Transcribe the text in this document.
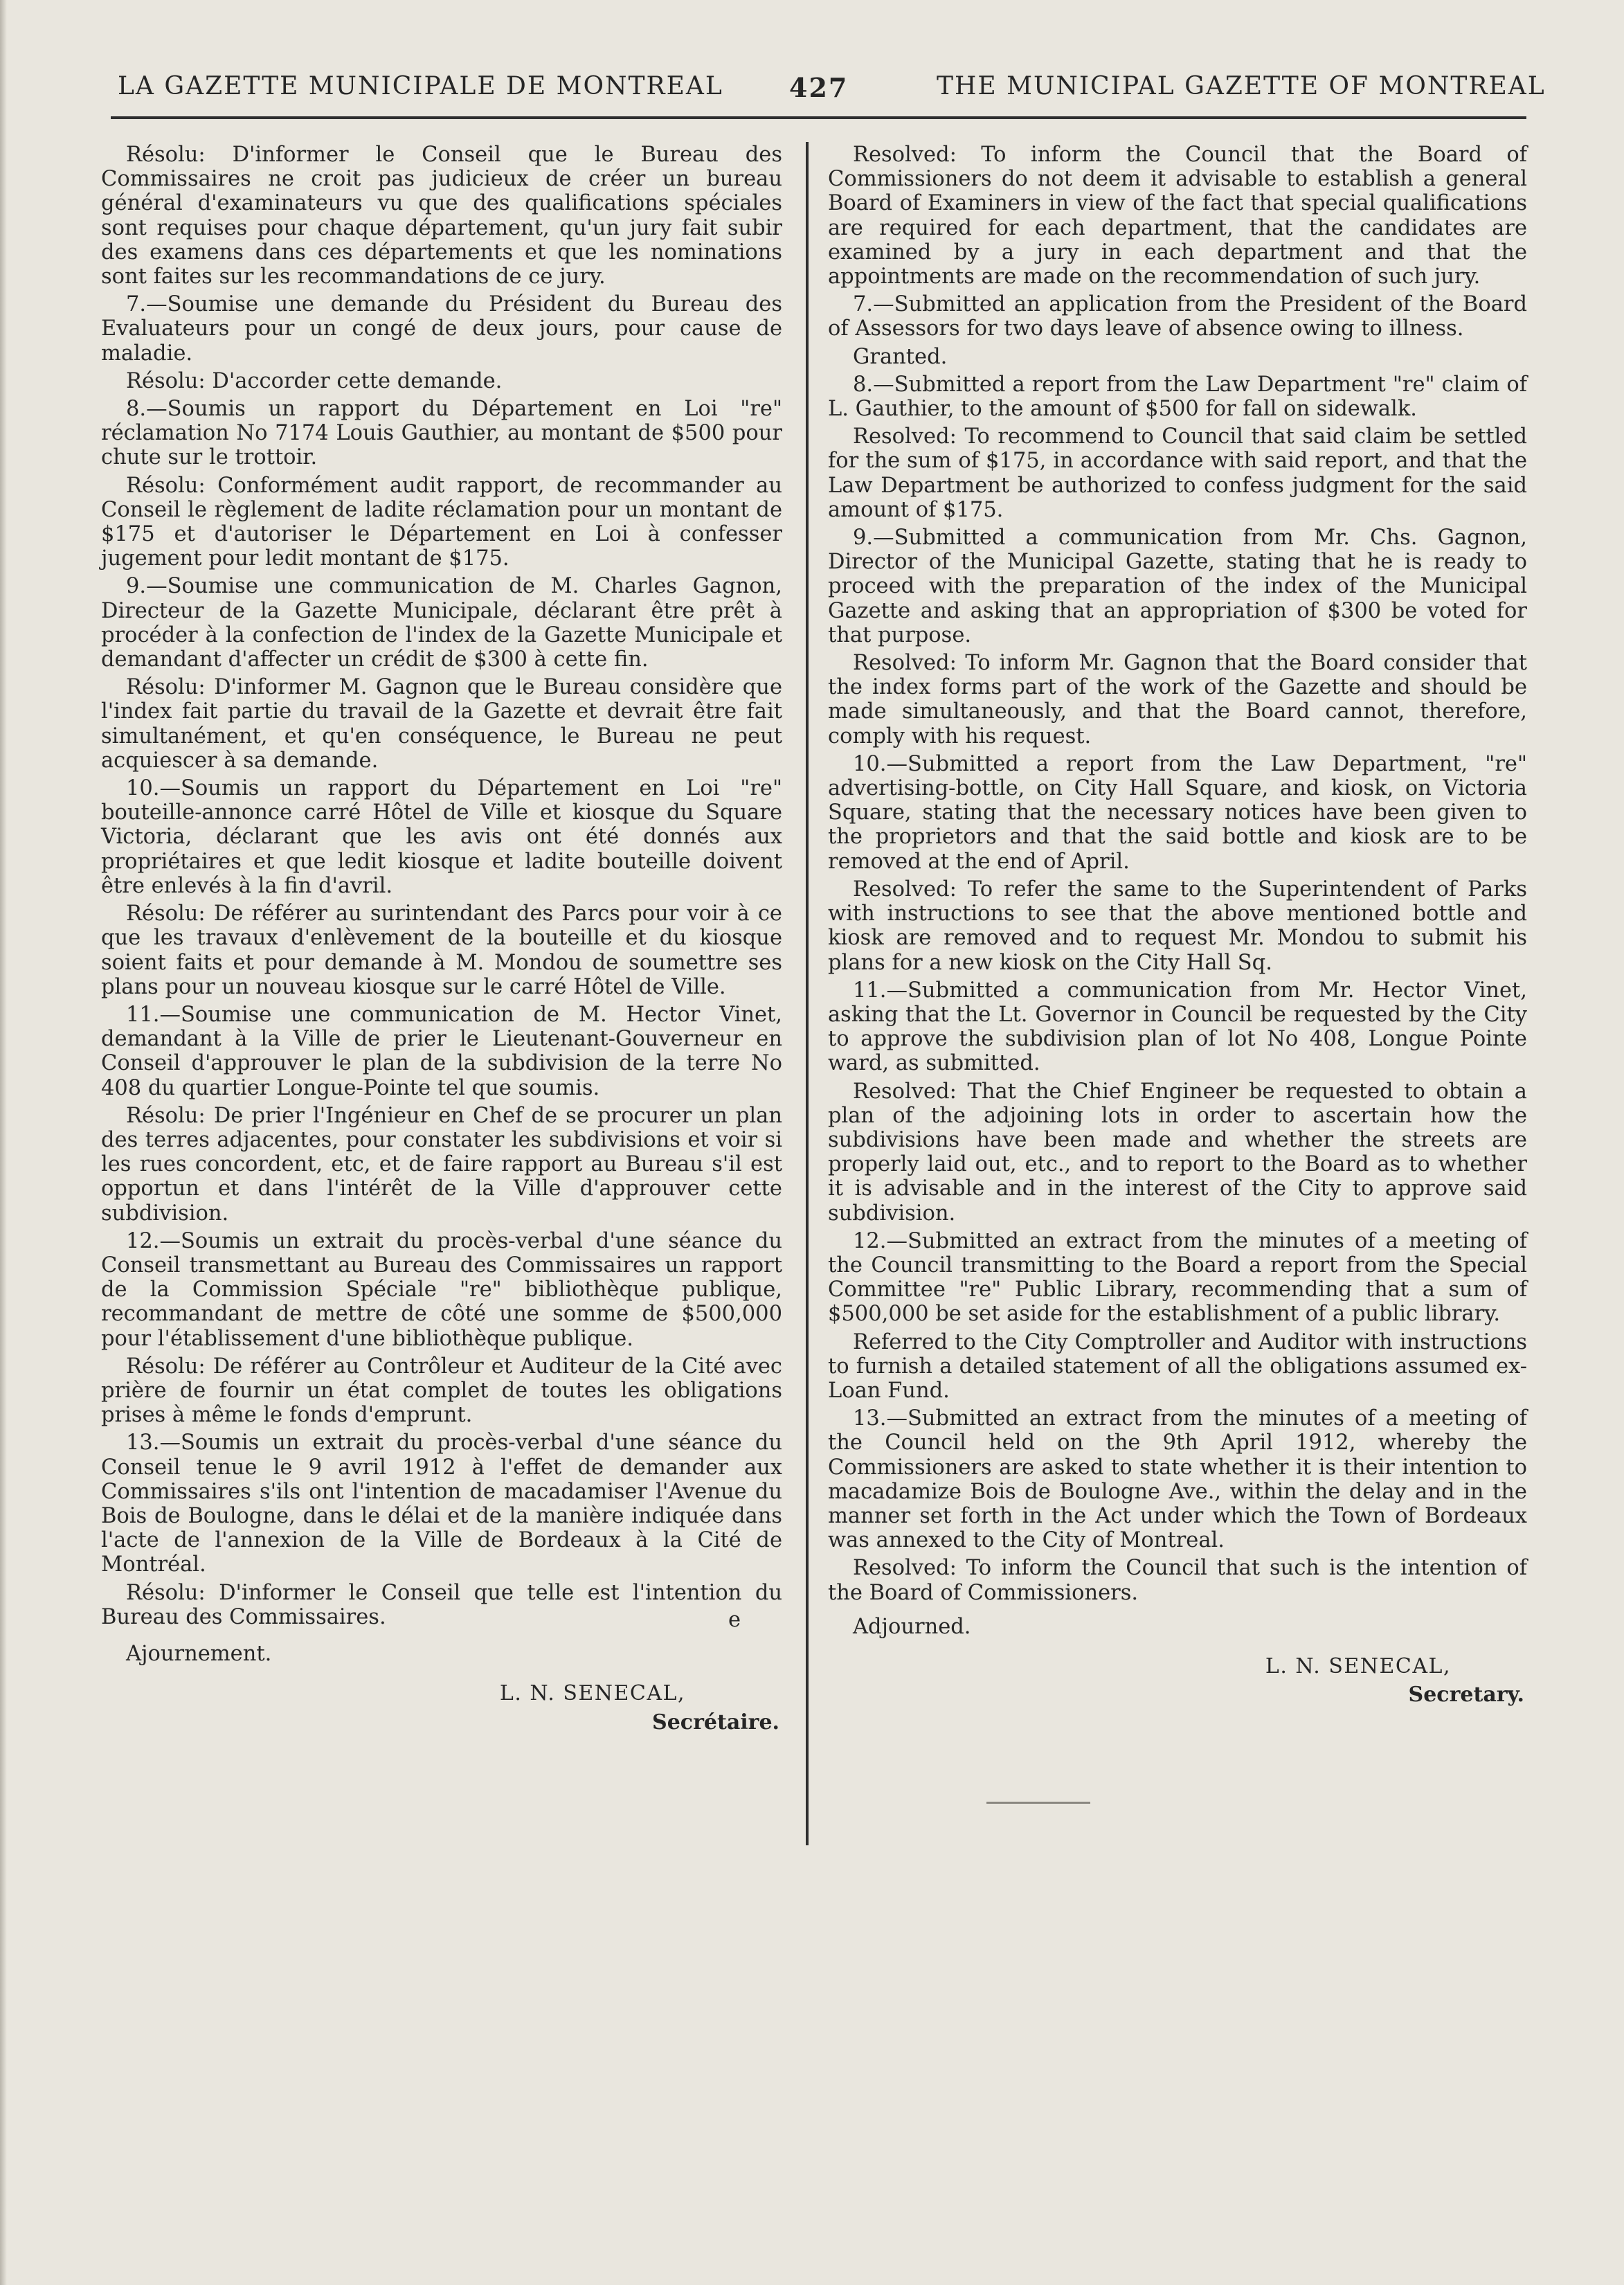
LA GAZETTE MUNICIPALE DE MONTREAL	427	THE MUNICIPAL GAZETTE OF MONTREAL

Résolu: D'informer le Conseil que le Bureau des Commissaires ne croit pas judicieux de créer un bureau général d'examinateurs vu que des qualifications spéciales sont requises pour chaque département, qu'un jury fait subir des examens dans ces départements et que les nominations sont faites sur les recommandations de ce jury.

7.—Soumise une demande du Président du Bureau des Evaluateurs pour un congé de deux jours, pour cause de maladie.

Résolu: D'accorder cette demande.

8.—Soumis un rapport du Département en Loi "re" réclamation No 7174 Louis Gauthier, au montant de $500 pour chute sur le trottoir.

Résolu: Conformément audit rapport, de recommander au Conseil le règlement de ladite réclamation pour un montant de $175 et d'autoriser le Département en Loi à confesser jugement pour ledit montant de $175.

9.—Soumise une communication de M. Charles Gagnon, Directeur de la Gazette Municipale, déclarant être prêt à procéder à la confection de l'index de la Gazette Municipale et demandant d'affecter un crédit de $300 à cette fin.

Résolu: D'informer M. Gagnon que le Bureau considère que l'index fait partie du travail de la Gazette et devrait être fait simultanément, et qu'en conséquence, le Bureau ne peut acquiescer à sa demande.

10.—Soumis un rapport du Département en Loi "re" bouteille-annonce carré Hôtel de Ville et kiosque du Square Victoria, déclarant que les avis ont été donnés aux propriétaires et que ledit kiosque et ladite bouteille doivent être enlevés à la fin d'avril.

Résolu: De référer au surintendant des Parcs pour voir à ce que les travaux d'enlèvement de la bouteille et du kiosque soient faits et pour demande à M. Mondou de soumettre ses plans pour un nouveau kiosque sur le carré Hôtel de Ville.

11.—Soumise une communication de M. Hector Vinet, demandant à la Ville de prier le Lieutenant-Gouverneur en Conseil d'approuver le plan de la subdivision de la terre No 408 du quartier Longue-Pointe tel que soumis.

Résolu: De prier l'Ingénieur en Chef de se procurer un plan des terres adjacentes, pour constater les subdivisions et voir si les rues concordent, etc, et de faire rapport au Bureau s'il est opportun et dans l'intérêt de la Ville d'approuver cette subdivision.

12.—Soumis un extrait du procès-verbal d'une séance du Conseil transmettant au Bureau des Commissaires un rapport de la Commission Spéciale "re" bibliothèque publique, recommandant de mettre de côté une somme de $500,000 pour l'établissement d'une bibliothèque publique.

Résolu: De référer au Contrôleur et Auditeur de la Cité avec prière de fournir un état complet de toutes les obligations prises à même le fonds d'emprunt.

13.—Soumis un extrait du procès-verbal d'une séance du Conseil tenue le 9 avril 1912 à l'effet de demander aux Commissaires s'ils ont l'intention de macadamiser l'Avenue du Bois de Boulogne, dans le délai et de la manière indiquée dans l'acte de l'annexion de la Ville de Bordeaux à la Cité de Montréal.

Résolu: D'informer le Conseil que telle est l'intention du Bureau des Commissaires.	e

Ajournement.

L. N. SENECAL,

Secrétaire.

Resolved: To inform the Council that the Board of Commissioners do not deem it advisable to establish a general Board of Examiners in view of the fact that special qualifications are required for each department, that the candidates are examined by a jury in each department and that the appointments are made on the recommendation of such jury.

7.—Submitted an application from the President of the Board of Assessors for two days leave of absence owing to illness.

Granted.

8.—Submitted a report from the Law Department "re" claim of L. Gauthier, to the amount of $500 for fall on sidewalk.

Resolved: To recommend to Council that said claim be settled for the sum of $175, in accordance with said report, and that the Law Department be authorized to confess judgment for the said amount of $175.

9.—Submitted a communication from Mr. Chs. Gagnon, Director of the Municipal Gazette, stating that he is ready to proceed with the preparation of the index of the Municipal Gazette and asking that an appropriation of $300 be voted for that purpose.

Resolved: To inform Mr. Gagnon that the Board consider that the index forms part of the work of the Gazette and should be made simultaneously, and that the Board cannot, therefore, comply with his request.

10.—Submitted a report from the Law Department, "re" advertising-bottle, on City Hall Square, and kiosk, on Victoria Square, stating that the necessary notices have been given to the proprietors and that the said bottle and kiosk are to be removed at the end of April.

Resolved: To refer the same to the Superintendent of Parks with instructions to see that the above mentioned bottle and kiosk are removed and to request Mr. Mondou to submit his plans for a new kiosk on the City Hall Sq.

11.—Submitted a communication from Mr. Hector Vinet, asking that the Lt. Governor in Council be requested by the City to approve the subdivision plan of lot No 408, Longue Pointe ward, as submitted.

Resolved: That the Chief Engineer be requested to obtain a plan of the adjoining lots in order to ascertain how the subdivisions have been made and whether the streets are properly laid out, etc., and to report to the Board as to whether it is advisable and in the interest of the City to approve said subdivision.

12.—Submitted an extract from the minutes of a meeting of the Council transmitting to the Board a report from the Special Committee "re" Public Library, recommending that a sum of $500,000 be set aside for the establishment of a public library.

Referred to the City Comptroller and Auditor with instructions to furnish a detailed statement of all the obligations assumed ex-Loan Fund.

13.—Submitted an extract from the minutes of a meeting of the Council held on the 9th April 1912, whereby the Commissioners are asked to state whether it is their intention to macadamize Bois de Boulogne Ave., within the delay and in the manner set forth in the Act under which the Town of Bordeaux was annexed to the City of Montreal.

Resolved: To inform the Council that such is the intention of the Board of Commissioners.

Adjourned.

L. N. SENECAL,

Secretary.
